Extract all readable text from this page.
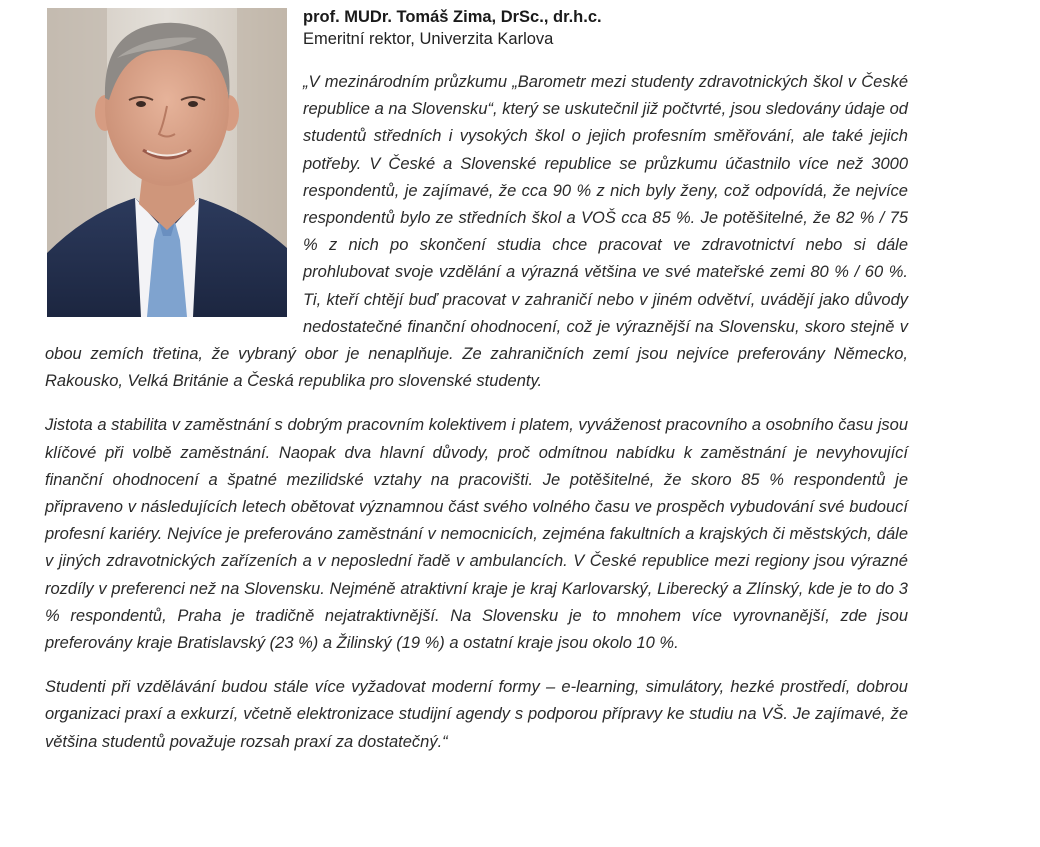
prof. MUDr. Tomáš Zima, DrSc., dr.h.c.

Emeritní rektor, Univerzita Karlova

„V mezinárodním průzkumu „Barometr mezi studenty zdravotnických škol v České republice a na Slovensku“, který se uskutečnil již počtvrté, jsou sledovány údaje od studentů středních i vysokých škol o jejich profesním směřování, ale také jejich potřeby. V České a Slovenské republice se průzkumu účastnilo více než 3000 respondentů, je zajímavé, že cca 90 % z nich byly ženy, což odpovídá, že nejvíce respondentů bylo ze středních škol a VOŠ cca 85 %. Je potěšitelné, že 82 % / 75 % z nich po skončení studia chce pracovat ve zdravotnictví nebo si dále prohlubovat svoje vzdělání a výrazná většina ve své mateřské zemi 80 % / 60 %. Ti, kteří chtějí buď pracovat v zahraničí nebo v jiném odvětví, uvádějí jako důvody nedostatečné finanční ohodnocení, což je výraznější na Slovensku, skoro stejně v obou zemích třetina, že vybraný obor je nenaplňuje. Ze zahraničních zemí jsou nejvíce preferovány Německo, Rakousko, Velká Británie a Česká republika pro slovenské studenty.

Jistota a stabilita v zaměstnání s dobrým pracovním kolektivem i platem, vyváženost pracovního a osobního času jsou klíčové při volbě zaměstnání. Naopak dva hlavní důvody, proč odmítnou nabídku k zaměstnání je nevyhovující finanční ohodnocení a špatné mezilidské vztahy na pracovišti. Je potěšitelné, že skoro 85 % respondentů je připraveno v následujících letech obětovat významnou část svého volného času ve prospěch vybudování své budoucí profesní kariéry. Nejvíce je preferováno zaměstnání v nemocnicích, zejména fakultních a krajských či městských, dále v jiných zdravotnických zařízeních a v neposlední řadě v ambulancích. V České republice mezi regiony jsou výrazné rozdíly v preferenci než na Slovensku. Nejméně atraktivní kraje je kraj Karlovarský, Liberecký a Zlínský, kde je to do 3 % respondentů, Praha je tradičně nejatraktivnější. Na Slovensku je to mnohem více vyrovnanější, zde jsou preferovány kraje Bratislavský (23 %) a Žilinský (19 %) a ostatní kraje jsou okolo 10 %.

Studenti při vzdělávání budou stále více vyžadovat moderní formy – e-learning, simulátory, hezké prostředí, dobrou organizaci praxí a exkurzí, včetně elektronizace studijní agendy s podporou přípravy ke studiu na VŠ. Je zajímavé, že většina studentů považuje rozsah praxí za dostatečný.“
